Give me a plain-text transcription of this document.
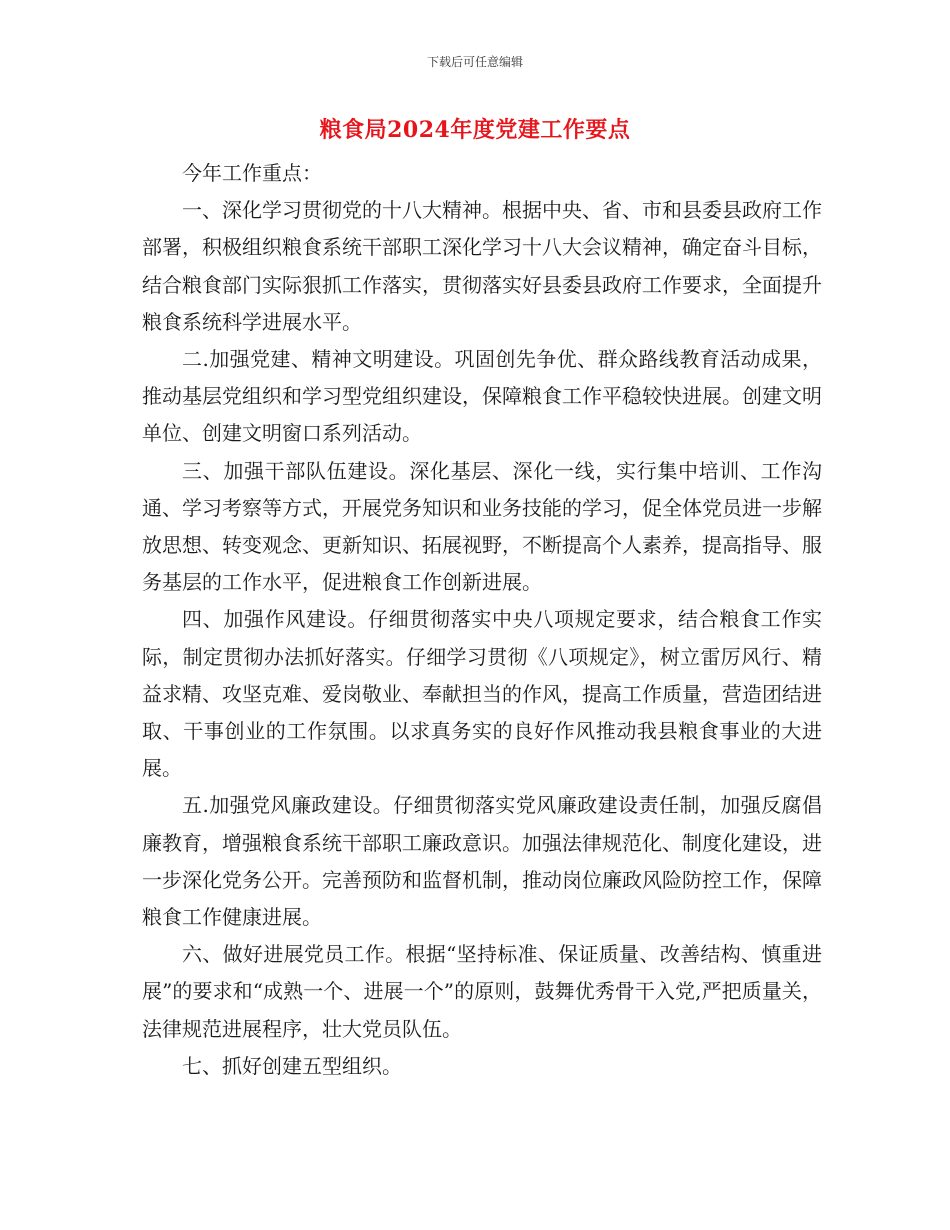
下载后可任意编辑
粮食局2024年度党建工作要点

今年工作重点：

一、深化学习贯彻党的十八大精神。根据中央、省、市和县委县政府工作部署，积极组织粮食系统干部职工深化学习十八大会议精神，确定奋斗目标，结合粮食部门实际狠抓工作落实，贯彻落实好县委县政府工作要求，全面提升粮食系统科学进展水平。

二.加强党建、精神文明建设。巩固创先争优、群众路线教育活动成果，推动基层党组织和学习型党组织建设，保障粮食工作平稳较快进展。创建文明单位、创建文明窗口系列活动。

三、加强干部队伍建设。深化基层、深化一线，实行集中培训、工作沟通、学习考察等方式，开展党务知识和业务技能的学习，促全体党员进一步解放思想、转变观念、更新知识、拓展视野，不断提高个人素养，提高指导、服务基层的工作水平，促进粮食工作创新进展。

四、加强作风建设。仔细贯彻落实中央八项规定要求，结合粮食工作实际，制定贯彻办法抓好落实。仔细学习贯彻《八项规定》，树立雷厉风行、精益求精、攻坚克难、爱岗敬业、奉献担当的作风，提高工作质量，营造团结进取、干事创业的工作氛围。以求真务实的良好作风推动我县粮食事业的大进展。

五.加强党风廉政建设。仔细贯彻落实党风廉政建设责任制，加强反腐倡廉教育，增强粮食系统干部职工廉政意识。加强法律规范化、制度化建设，进一步深化党务公开。完善预防和监督机制，推动岗位廉政风险防控工作，保障粮食工作健康进展。

六、做好进展党员工作。根据“坚持标准、保证质量、改善结构、慎重进展”的要求和“成熟一个、进展一个”的原则，鼓舞优秀骨干入党,严把质量关，法律规范进展程序，壮大党员队伍。

七、抓好创建五型组织。
